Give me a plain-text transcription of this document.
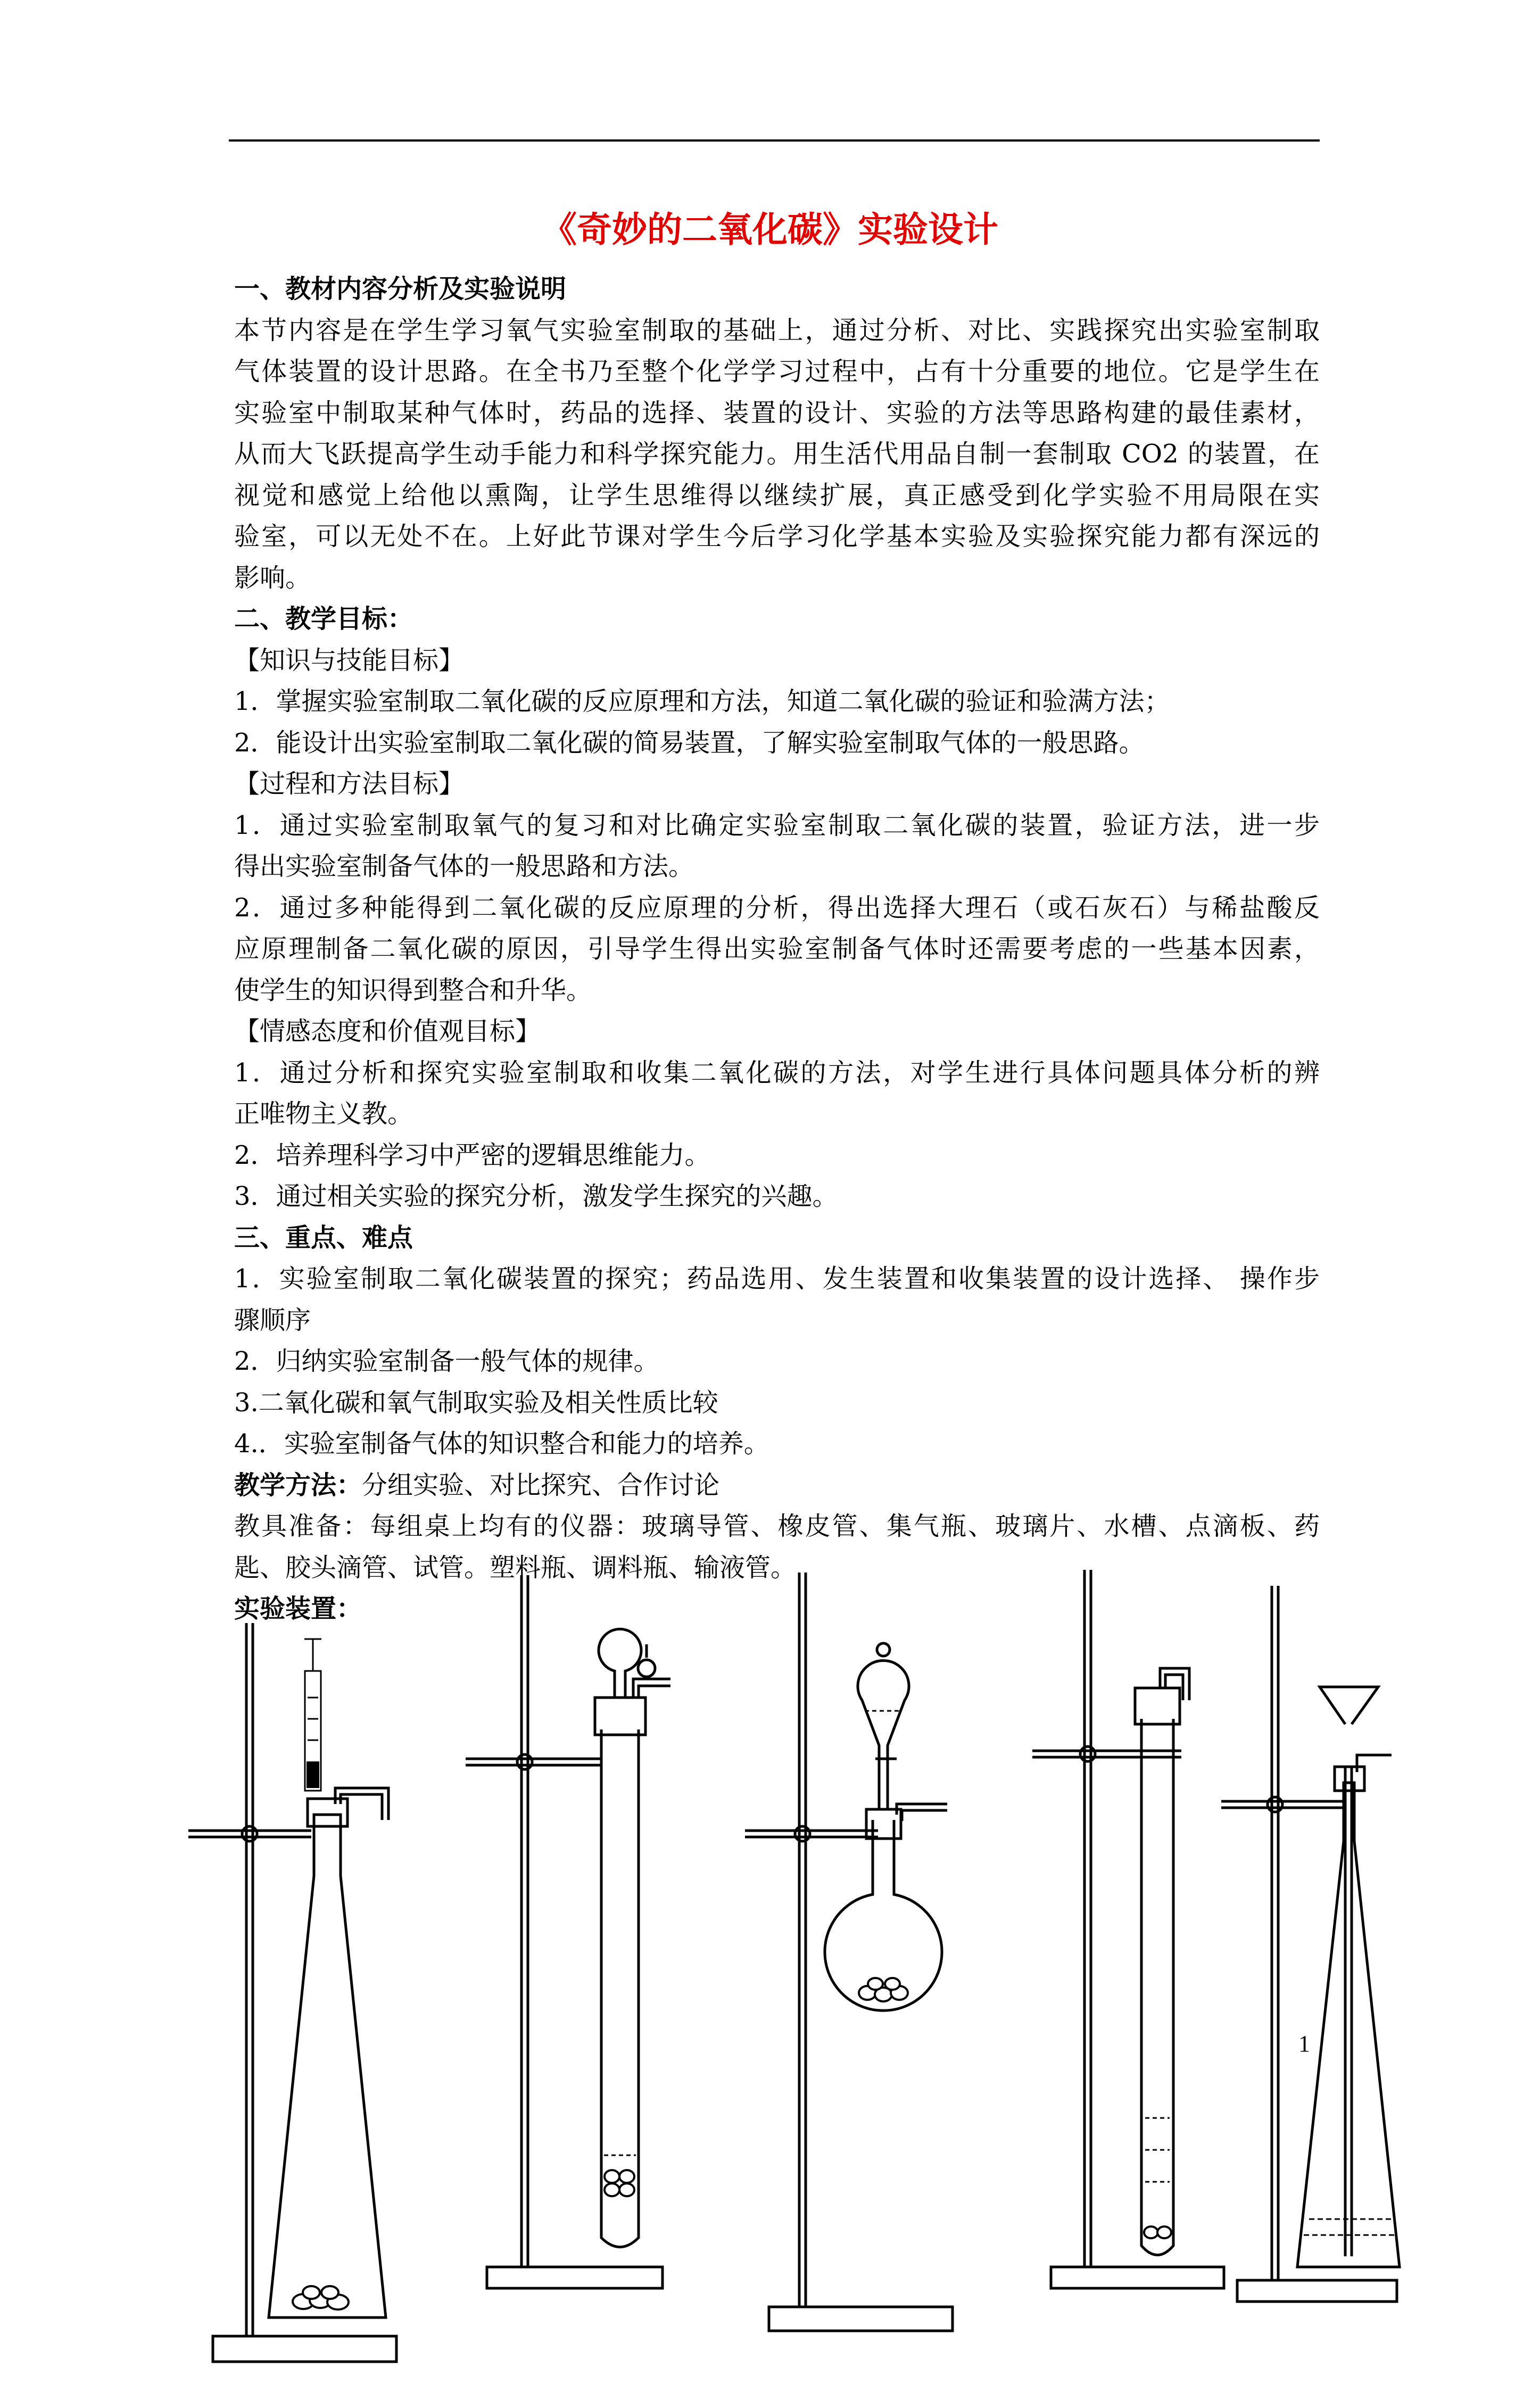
《奇妙的二氧化碳》实验设计
一、教材内容分析及实验说明
本节内容是在学生学习氧气实验室制取的基础上，通过分析、对比、实践探究出实验室制取
气体装置的设计思路。在全书乃至整个化学学习过程中，占有十分重要的地位。它是学生在
实验室中制取某种气体时，药品的选择、装置的设计、实验的方法等思路构建的最佳素材，
从而大飞跃提高学生动手能力和科学探究能力。用生活代用品自制一套制取 CO2 的装置，在
视觉和感觉上给他以熏陶，让学生思维得以继续扩展，真正感受到化学实验不用局限在实
验室，可以无处不在。上好此节课对学生今后学习化学基本实验及实验探究能力都有深远的
影响。
二、教学目标：
【知识与技能目标】
1．掌握实验室制取二氧化碳的反应原理和方法，知道二氧化碳的验证和验满方法；
2．能设计出实验室制取二氧化碳的简易装置，了解实验室制取气体的一般思路。
【过程和方法目标】
1．通过实验室制取氧气的复习和对比确定实验室制取二氧化碳的装置，验证方法，进一步
得出实验室制备气体的一般思路和方法。
2．通过多种能得到二氧化碳的反应原理的分析，得出选择大理石（或石灰石）与稀盐酸反
应原理制备二氧化碳的原因，引导学生得出实验室制备气体时还需要考虑的一些基本因素，
使学生的知识得到整合和升华。
【情感态度和价值观目标】
1．通过分析和探究实验室制取和收集二氧化碳的方法，对学生进行具体问题具体分析的辨
正唯物主义教。
2．培养理科学习中严密的逻辑思维能力。
3．通过相关实验的探究分析，激发学生探究的兴趣。
三、重点、难点
1．实验室制取二氧化碳装置的探究；药品选用、发生装置和收集装置的设计选择、 操作步
骤顺序
2．归纳实验室制备一般气体的规律。
3.二氧化碳和氧气制取实验及相关性质比较
4.．实验室制备气体的知识整合和能力的培养。
教学方法：分组实验、对比探究、合作讨论
教具准备：每组桌上均有的仪器：玻璃导管、橡皮管、集气瓶、玻璃片、水槽、点滴板、药
匙、胶头滴管、试管。塑料瓶、调料瓶、输液管。
实验装置：
1
